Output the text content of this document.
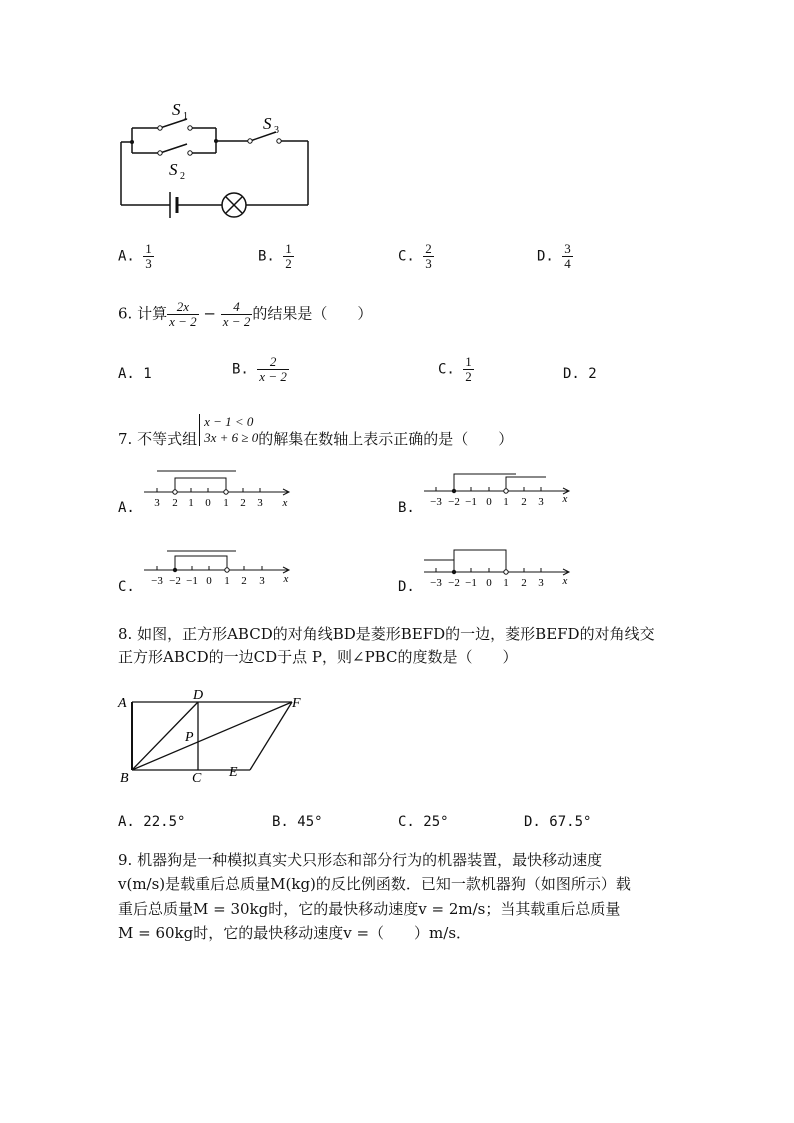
S 1
S 2
S 3
A. $\frac{1}{3}$	B. $\frac{1}{2}$	C. $\frac{2}{3}$	D. $\frac{3}{4}$
6. 计算 $\frac{2x}{x - 2} - \frac{4}{x - 2}$ 的结果是（　　）
A. 1	B. $\frac{2}{x - 2}$	C. $\frac{1}{2}$	D. 2
7. 不等式组
x − 1 < 0
3x + 6 ≥ 0 的解集在数轴上表示正确的是（　　）
A.	B.
C.	D.
3 2 1 0 1 2 3 x	−3 −2 −1 0 1 2 3 x
−3 −2 −1 0 1 2 3 x	−3 −2 −1 0 1 2 3 x
8. 如图，正方形ABCD的对角线BD是菱形BEFD的一边，菱形BEFD的对角线交
正方形ABCD的一边CD于点 P，则∠PBC的度数是（　　）
A
B	C
D
E
F
P
A. 22.5°	B. 45°	C. 25°	D. 67.5°
9. 机器狗是一种模拟真实犬只形态和部分行为的机器装置，最快移动速度
v(m/s)是载重后总质量M(kg)的反比例函数．已知一款机器狗（如图所示）载
重后总质量M = 30kg时，它的最快移动速度v = 2m/s；当其载重后总质量
M = 60kg时，它的最快移动速度v =（　　）m/s．
